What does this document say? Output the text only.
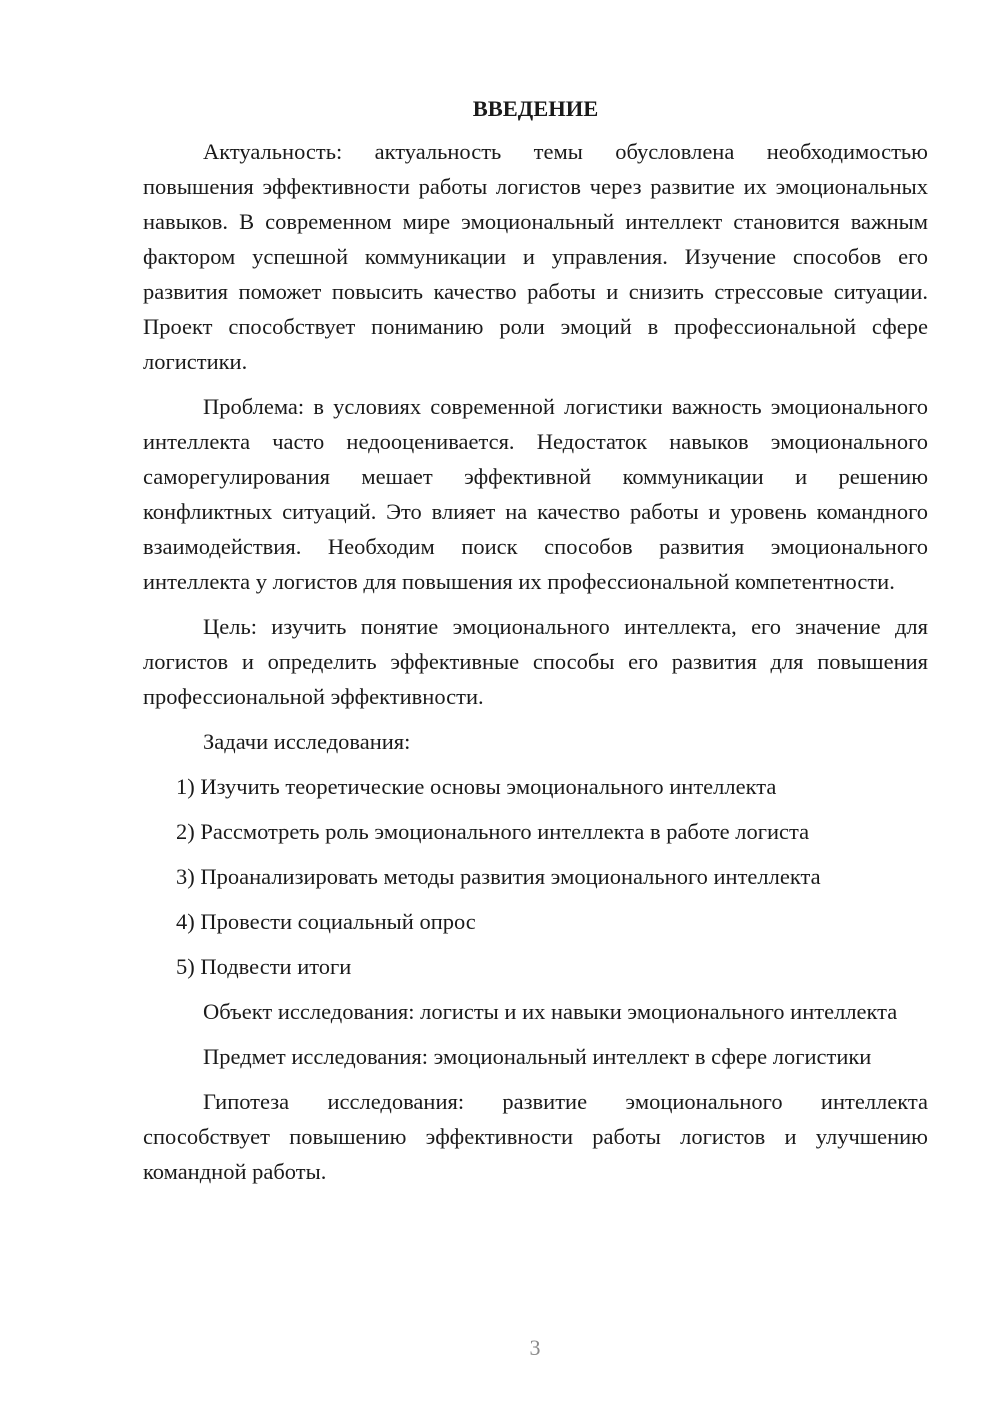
ВВЕДЕНИЕ

Актуальность: актуальность темы обусловлена необходимостью повышения эффективности работы логистов через развитие их эмоциональных навыков. В современном мире эмоциональный интеллект становится важным фактором успешной коммуникации и управления. Изучение способов его развития поможет повысить качество работы и снизить стрессовые ситуации. Проект способствует пониманию роли эмоций в профессиональной сфере логистики.

Проблема: в условиях современной логистики важность эмоционального интеллекта часто недооценивается. Недостаток навыков эмоционального саморегулирования мешает эффективной коммуникации и решению конфликтных ситуаций. Это влияет на качество работы и уровень командного взаимодействия. Необходим поиск способов развития эмоционального интеллекта у логистов для повышения их профессиональной компетентности.

Цель: изучить понятие эмоционального интеллекта, его значение для логистов и определить эффективные способы его развития для повышения профессиональной эффективности.

Задачи исследования:

1) Изучить теоретические основы эмоционального интеллекта
2) Рассмотреть роль эмоционального интеллекта в работе логиста
3) Проанализировать методы развития эмоционального интеллекта
4) Провести социальный опрос
5) Подвести итоги

Объект исследования: логисты и их навыки эмоционального интеллекта

Предмет исследования: эмоциональный интеллект в сфере логистики

Гипотеза исследования: развитие эмоционального интеллекта способствует повышению эффективности работы логистов и улучшению командной работы.

3
